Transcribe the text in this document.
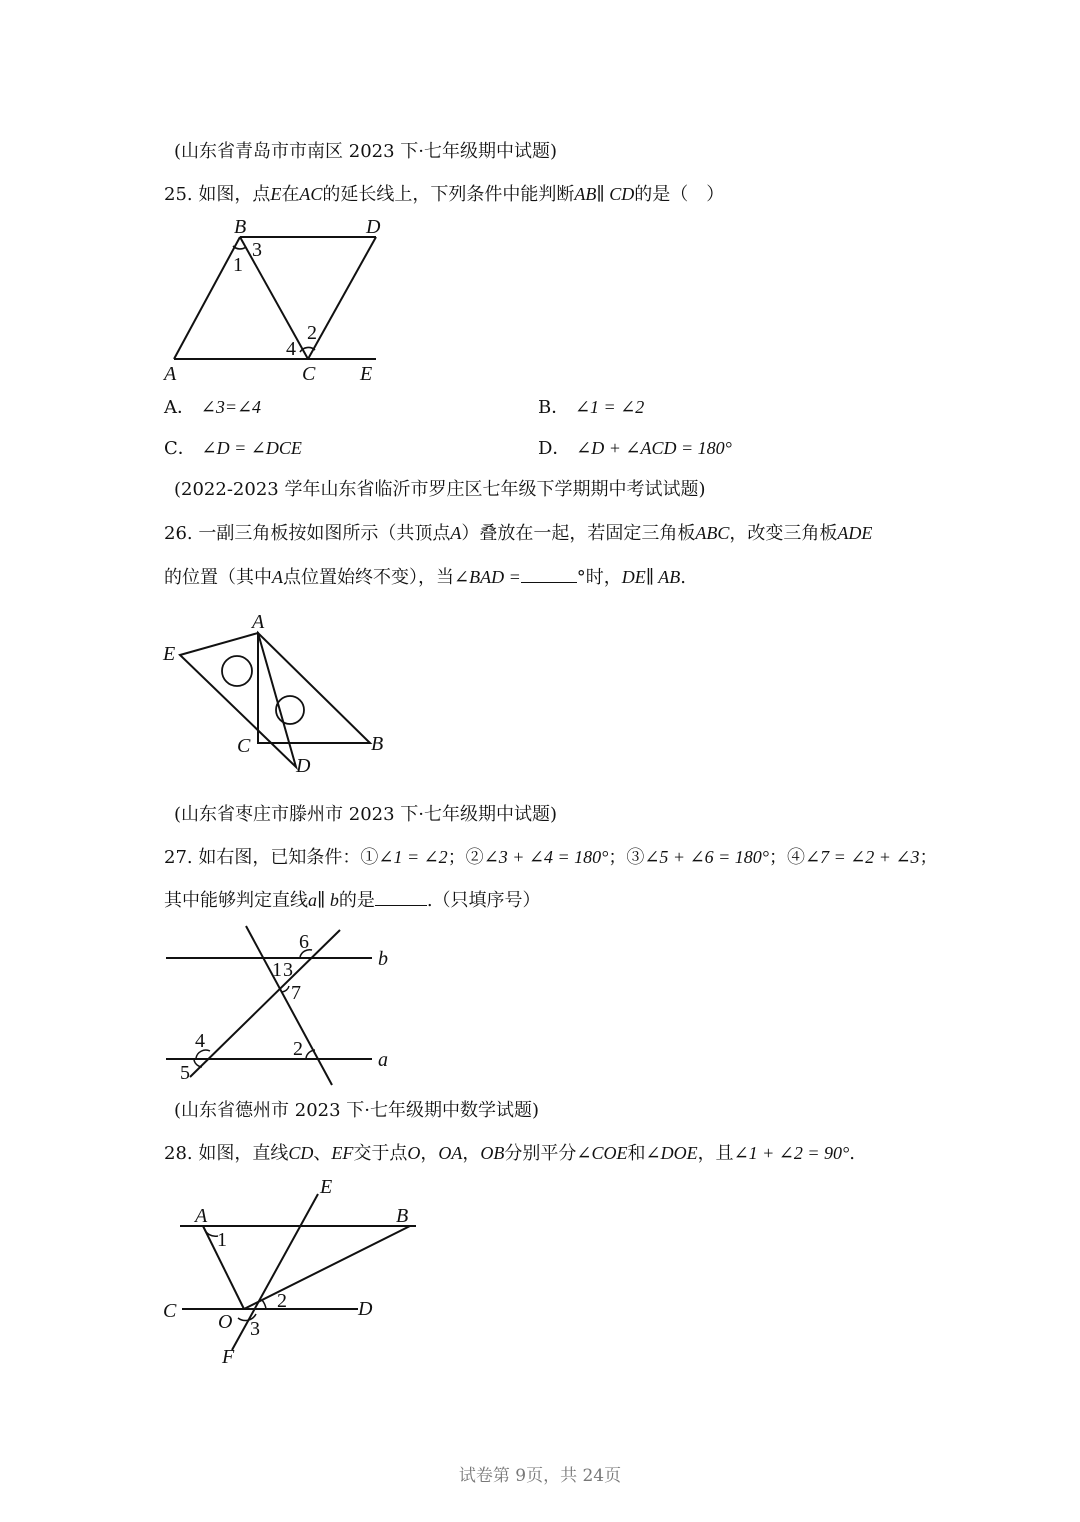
(山东省青岛市市南区 2023 下·七年级期中试题)
25. 如图，点E在AC的延长线上，下列条件中能判断AB∥ CD的是（　）
B	D
A	C E
1
3
2
4
A． ∠3=∠4	B． ∠1 = ∠2
C． ∠D = ∠DCE	D． ∠D + ∠ACD = 180°
(2022-2023 学年山东省临沂市罗庄区七年级下学期期中考试试题)
26. 一副三角板按如图所示（共顶点A）叠放在一起，若固定三角板ABC，改变三角板ADE
的位置（其中A点位置始终不变），当∠BAD =	°时，DE∥ AB.
A
E
C	B
D
(山东省枣庄市滕州市 2023 下·七年级期中试题)
27. 如右图，已知条件：①∠1 = ∠2；②∠3 + ∠4 = 180°；③∠5 + ∠6 = 180°；④∠7 = ∠2 + ∠3；
其中能够判定直线a∥ b的是	.（只填序号）
b
a
6
1 3
7
4
5
2
(山东省德州市 2023 下·七年级期中数学试题)
28. 如图，直线CD、EF交于点O，OA，OB分别平分∠COE和∠DOE，且∠1 + ∠2 = 90°.
A	B
E
C	D
O
F
1
2
3
试卷第 9页，共 24页
